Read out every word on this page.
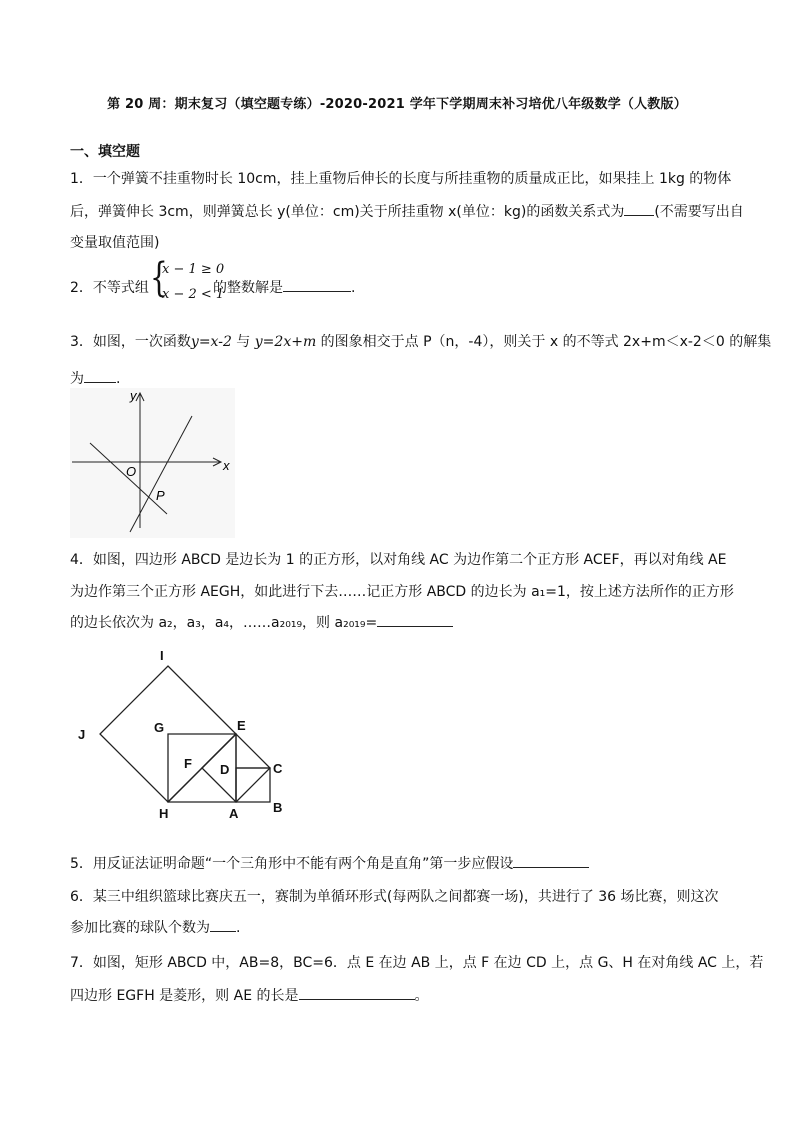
第 20 周：期末复习（填空题专练）-2020-2021 学年下学期周末补习培优八年级数学（人教版）
一、填空题
1．一个弹簧不挂重物时长 10cm，挂上重物后伸长的长度与所挂重物的质量成正比，如果挂上 1kg 的物体
后，弹簧伸长 3cm，则弹簧总长 y(单位：cm)关于所挂重物 x(单位：kg)的函数关系式为 (不需要写出自
变量取值范围)
2．不等式组 {
x − 1 ≥ 0
x − 2 < 1
的整数解是	.
3．如图，一次函数y=x-2 与 y=2x+m 的图象相交于点 P（n，-4），则关于 x 的不等式 2x+m＜x-2＜0 的解集
为 .
y
x
O
P
4．如图，四边形 ABCD 是边长为 1 的正方形，以对角线 AC 为边作第二个正方形 ACEF，再以对角线 AE
为边作第三个正方形 AEGH，如此进行下去……记正方形 ABCD 的边长为 a₁=1，按上述方法所作的正方形
的边长依次为 a₂，a₃，a₄，……a₂₀₁₉，则 a₂₀₁₉=
I
J	G	E
F D	C
H	A	B
5．用反证法证明命题“一个三角形中不能有两个角是直角”第一步应假设
6．某三中组织篮球比赛庆五一，赛制为单循环形式(每两队之间都赛一场)，共进行了 36 场比赛，则这次
参加比赛的球队个数为 .
7．如图，矩形 ABCD 中，AB=8，BC=6．点 E 在边 AB 上，点 F 在边 CD 上，点 G、H 在对角线 AC 上，若
四边形 EGFH 是菱形，则 AE 的长是	。
